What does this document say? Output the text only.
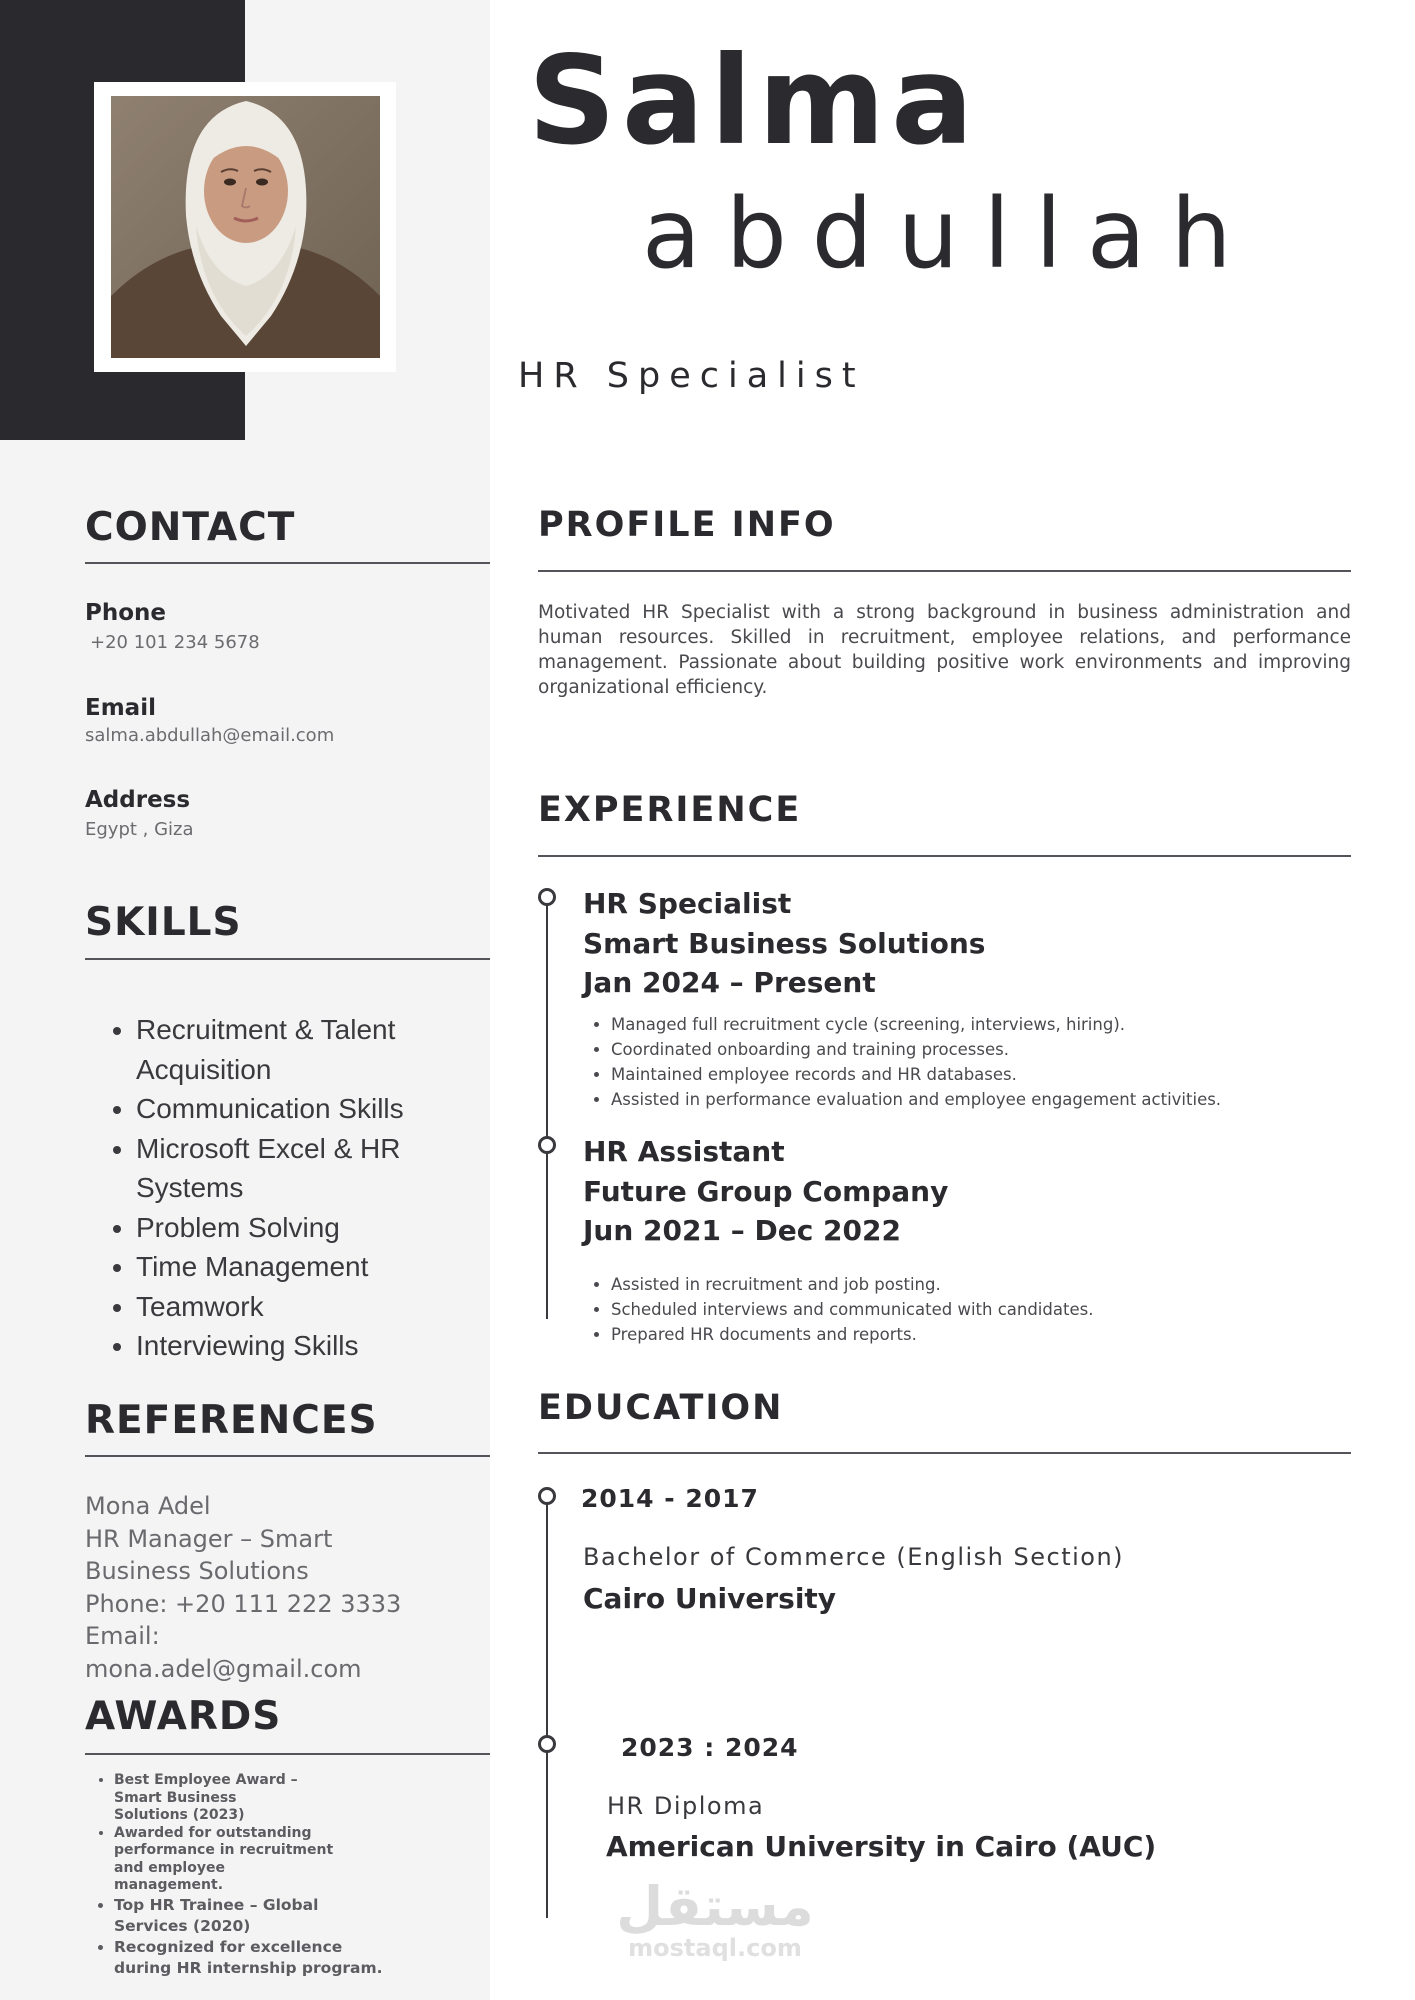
Salma
abdullah
HR Specialist
CONTACT
Phone
+20 101 234 5678
Email
salma.abdullah@email.com
Address
Egypt , Giza
SKILLS
• Recruitment & Talent Acquisition
• Communication Skills
• Microsoft Excel & HR Systems
• Problem Solving
• Time Management
• Teamwork
• Interviewing Skills
REFERENCES
Mona Adel
HR Manager – Smart Business Solutions
Phone: +20 111 222 3333
Email:
mona.adel@gmail.com
AWARDS
• Best Employee Award – Smart Business Solutions (2023)
• Awarded for outstanding performance in recruitment and employee management.
• Top HR Trainee – Global Services (2020)
• Recognized for excellence during HR internship program.
PROFILE INFO
Motivated HR Specialist with a strong background in business administration and human resources. Skilled in recruitment, employee relations, and performance management. Passionate about building positive work environments and improving organizational efficiency.
EXPERIENCE
HR Specialist
Smart Business Solutions
Jan 2024 – Present
• Managed full recruitment cycle (screening, interviews, hiring).
• Coordinated onboarding and training processes.
• Maintained employee records and HR databases.
• Assisted in performance evaluation and employee engagement activities.
HR Assistant
Future Group Company
Jun 2021 – Dec 2022
• Assisted in recruitment and job posting.
• Scheduled interviews and communicated with candidates.
• Prepared HR documents and reports.
EDUCATION
2014 - 2017
Bachelor of Commerce (English Section)
Cairo University
2023 : 2024
HR Diploma
American University in Cairo (AUC)
مستقل
mostaql.com
